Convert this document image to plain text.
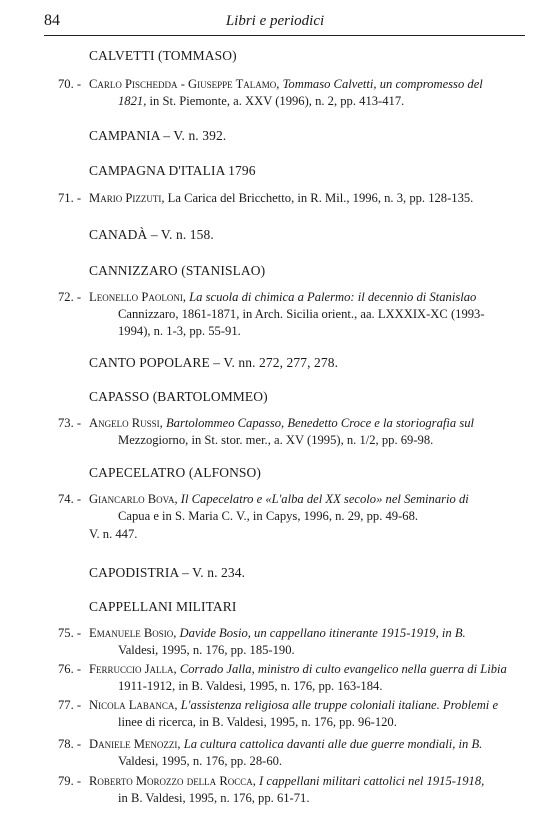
84	Libri e periodici
CALVETTI (TOMMASO)
70. - Carlo Pischedda - Giuseppe Talamo, Tommaso Calvetti, un compromesso del
1821, in St. Piemonte, a. XXV (1996), n. 2, pp. 413-417.
CAMPANIA – V. n. 392.
CAMPAGNA D'ITALIA 1796
71. - Mario Pizzuti, La Carica del Bricchetto, in R. Mil., 1996, n. 3, pp. 128-135.
CANADÀ – V. n. 158.
CANNIZZARO (STANISLAO)
72. - Leonello Paoloni, La scuola di chimica a Palermo: il decennio di Stanislao
Cannizzaro, 1861-1871, in Arch. Sicilia orient., aa. LXXXIX-XC (1993-
1994), n. 1-3, pp. 55-91.
CANTO POPOLARE – V. nn. 272, 277, 278.
CAPASSO (BARTOLOMMEO)
73. - Angelo Russi, Bartolommeo Capasso, Benedetto Croce e la storiografia sul
Mezzogiorno, in St. stor. mer., a. XV (1995), n. 1/2, pp. 69-98.
CAPECELATRO (ALFONSO)
74. - Giancarlo Bova, Il Capecelatro e «L'alba del XX secolo» nel Seminario di
Capua e in S. Maria C. V., in Capys, 1996, n. 29, pp. 49-68.
V. n. 447.
CAPODISTRIA – V. n. 234.
CAPPELLANI MILITARI
75. - Emanuele Bosio, Davide Bosio, un cappellano itinerante 1915-1919, in B.
Valdesi, 1995, n. 176, pp. 185-190.
76. - Ferruccio Jalla, Corrado Jalla, ministro di culto evangelico nella guerra di Libia
1911-1912, in B. Valdesi, 1995, n. 176, pp. 163-184.
77. - Nicola Labanca, L'assistenza religiosa alle truppe coloniali italiane. Problemi e
linee di ricerca, in B. Valdesi, 1995, n. 176, pp. 96-120.
78. - Daniele Menozzi, La cultura cattolica davanti alle due guerre mondiali, in B.
Valdesi, 1995, n. 176, pp. 28-60.
79. - Roberto Morozzo della Rocca, I cappellani militari cattolici nel 1915-1918,
in B. Valdesi, 1995, n. 176, pp. 61-71.
